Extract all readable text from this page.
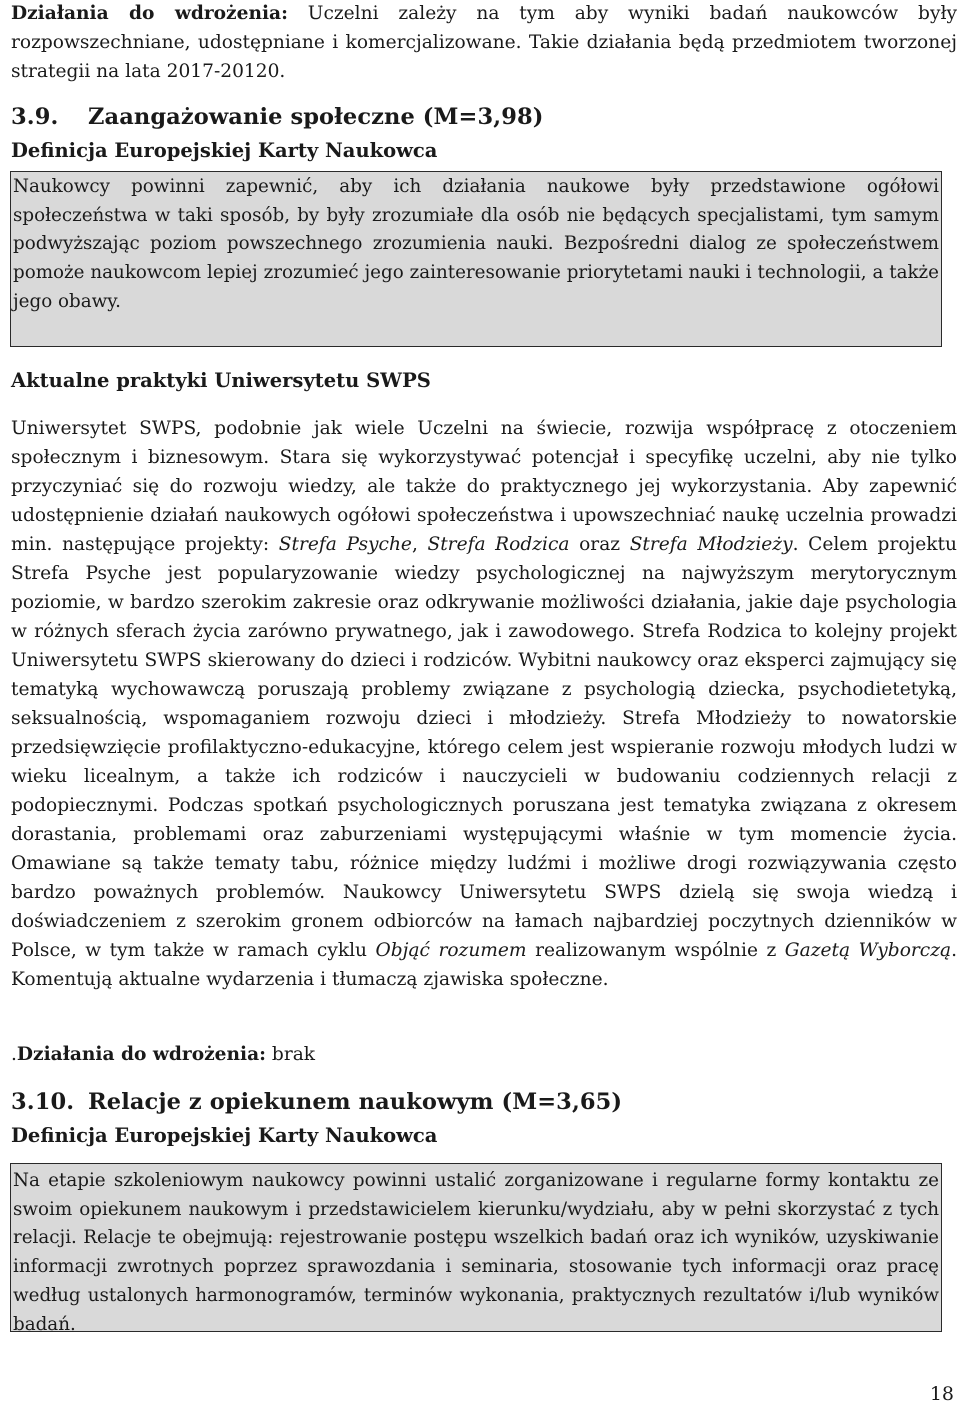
Działania do wdrożenia: Uczelni zależy na tym aby wyniki badań naukowców były rozpowszechniane, udostępniane i komercjalizowane. Takie działania będą przedmiotem tworzonej strategii na lata 2017-20120.

3.9. Zaangażowanie społeczne (M=3,98)
Definicja Europejskiej Karty Naukowca

Naukowcy powinni zapewnić, aby ich działania naukowe były przedstawione ogółowi społeczeństwa w taki sposób, by były zrozumiałe dla osób nie będących specjalistami, tym samym podwyższając poziom powszechnego zrozumienia nauki. Bezpośredni dialog ze społeczeństwem pomoże naukowcom lepiej zrozumieć jego zainteresowanie priorytetami nauki i technologii, a także jego obawy.

Aktualne praktyki Uniwersytetu SWPS

Uniwersytet SWPS, podobnie jak wiele Uczelni na świecie, rozwija współpracę z otoczeniem społecznym i biznesowym. Stara się wykorzystywać potencjał i specyfikę uczelni, aby nie tylko przyczyniać się do rozwoju wiedzy, ale także do praktycznego jej wykorzystania. Aby zapewnić udostępnienie działań naukowych ogółowi społeczeństwa i upowszechniać naukę uczelnia prowadzi min. następujące projekty: Strefa Psyche, Strefa Rodzica oraz Strefa Młodzieży. Celem projektu Strefa Psyche jest popularyzowanie wiedzy psychologicznej na najwyższym merytorycznym poziomie, w bardzo szerokim zakresie oraz odkrywanie możliwości działania, jakie daje psychologia w różnych sferach życia zarówno prywatnego, jak i zawodowego. Strefa Rodzica to kolejny projekt Uniwersytetu SWPS skierowany do dzieci i rodziców. Wybitni naukowcy oraz eksperci zajmujący się tematyką wychowawczą poruszają problemy związane z psychologią dziecka, psychodietetyką, seksualnością, wspomaganiem rozwoju dzieci i młodzieży. Strefa Młodzieży to nowatorskie przedsięwzięcie profilaktyczno-edukacyjne, którego celem jest wspieranie rozwoju młodych ludzi w wieku licealnym, a także ich rodziców i nauczycieli w budowaniu codziennych relacji z podopiecznymi. Podczas spotkań psychologicznych poruszana jest tematyka związana z okresem dorastania, problemami oraz zaburzeniami występującymi właśnie w tym momencie życia. Omawiane są także tematy tabu, różnice między ludźmi i możliwe drogi rozwiązywania często bardzo poważnych problemów. Naukowcy Uniwersytetu SWPS dzielą się swoja wiedzą i doświadczeniem z szerokim gronem odbiorców na łamach najbardziej poczytnych dzienników w Polsce, w tym także w ramach cyklu Objąć rozumem realizowanym wspólnie z Gazetą Wyborczą. Komentują aktualne wydarzenia i tłumaczą zjawiska społeczne.

.Działania do wdrożenia: brak

3.10. Relacje z opiekunem naukowym (M=3,65)
Definicja Europejskiej Karty Naukowca

Na etapie szkoleniowym naukowcy powinni ustalić zorganizowane i regularne formy kontaktu ze swoim opiekunem naukowym i przedstawicielem kierunku/wydziału, aby w pełni skorzystać z tych relacji. Relacje te obejmują: rejestrowanie postępu wszelkich badań oraz ich wyników, uzyskiwanie informacji zwrotnych poprzez sprawozdania i seminaria, stosowanie tych informacji oraz pracę według ustalonych harmonogramów, terminów wykonania, praktycznych rezultatów i/lub wyników badań.

18
